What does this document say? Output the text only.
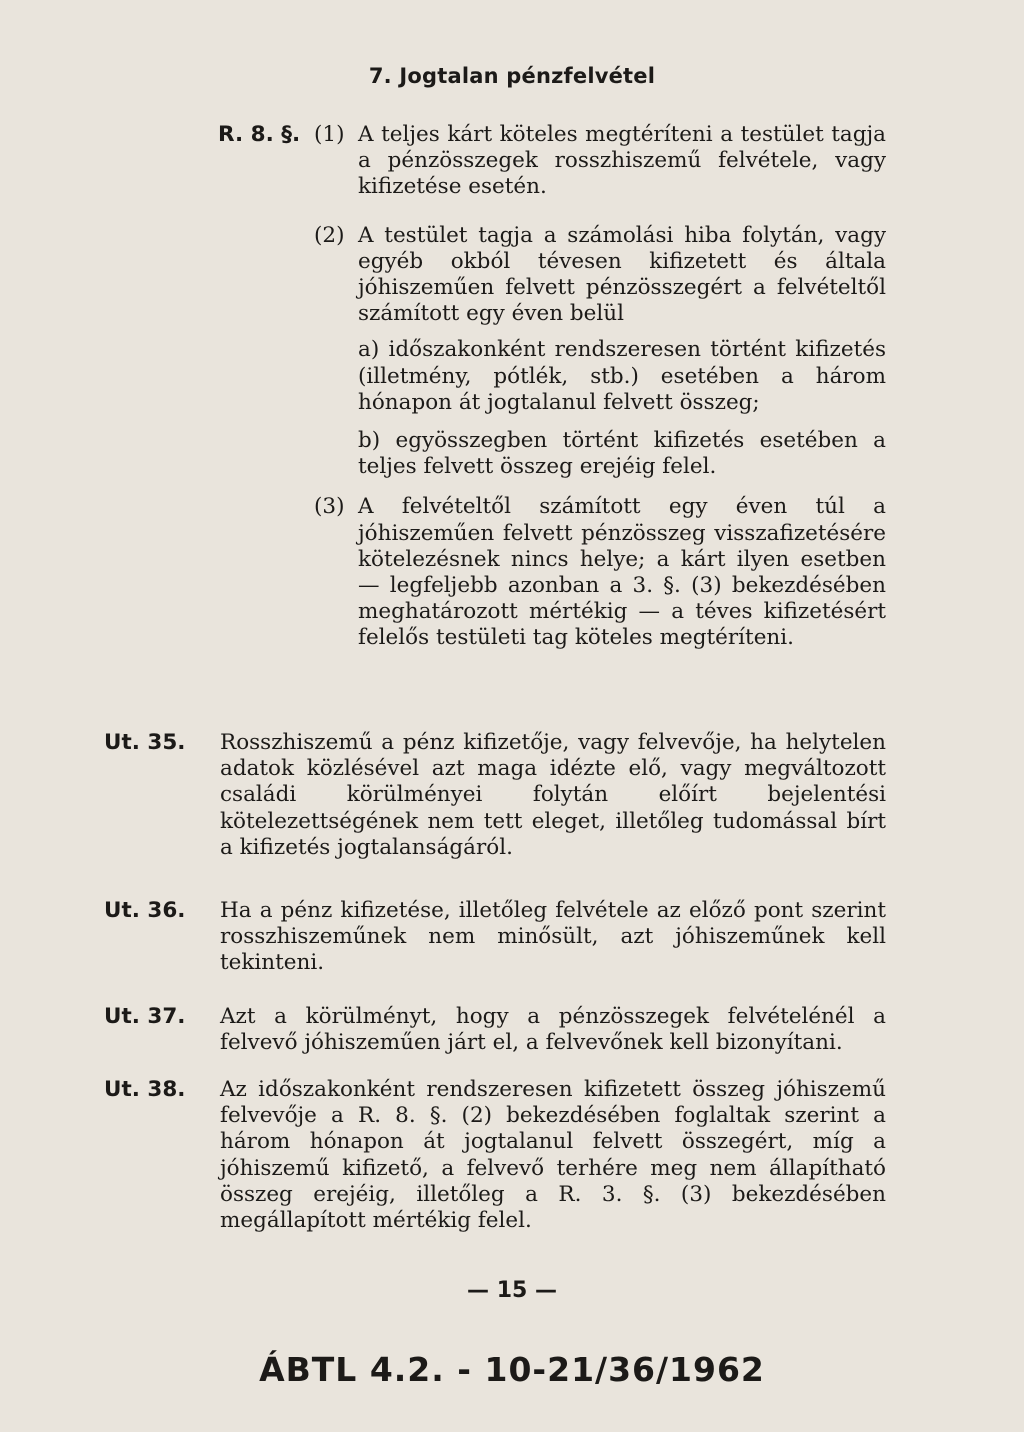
7. Jogtalan pénzfelvétel
R. 8. §. (1) A teljes kárt köteles megtéríteni a testület tagja a pénzösszegek rosszhiszemű felvétele, vagy kifizetése esetén.
(2) A testület tagja a számolási hiba folytán, vagy egyéb okból tévesen kifizetett és általa jóhiszeműen felvett pénzösszegért a felvételtől számított egy éven belül
a) időszakonként rendszeresen történt kifizetés (illetmény, pótlék, stb.) esetében a három hónapon át jogtalanul felvett összeg;
b) egyösszegben történt kifizetés esetében a teljes felvett összeg erejéig felel.
(3) A felvételtől számított egy éven túl a jóhiszeműen felvett pénzösszeg visszafizetésére kötelezésnek nincs helye; a kárt ilyen esetben — legfeljebb azonban a 3. §. (3) bekezdésében meghatározott mértékig — a téves kifizetésért felelős testületi tag köteles megtéríteni.
Ut. 35.	Rosszhiszemű a pénz kifizetője, vagy felvevője, ha helytelen adatok közlésével azt maga idézte elő, vagy megváltozott családi körülményei folytán előírt bejelentési kötelezettségének nem tett eleget, illetőleg tudomással bírt a kifizetés jogtalanságáról.
Ut. 36.	Ha a pénz kifizetése, illetőleg felvétele az előző pont szerint rosszhiszeműnek nem minősült, azt jóhiszeműnek kell tekinteni.
Ut. 37.	Azt a körülményt, hogy a pénzösszegek felvételénél a felvevő jóhiszeműen járt el, a felvevőnek kell bizonyítani.
Ut. 38.	Az időszakonként rendszeresen kifizetett összeg jóhiszemű felvevője a R. 8. §. (2) bekezdésében foglaltak szerint a három hónapon át jogtalanul felvett összegért, míg a jóhiszemű kifizető, a felvevő terhére meg nem állapítható összeg erejéig, illetőleg a R. 3. §. (3) bekezdésében megállapított mértékig felel.
— 15 —
ÁBTL 4.2. - 10-21/36/1962
